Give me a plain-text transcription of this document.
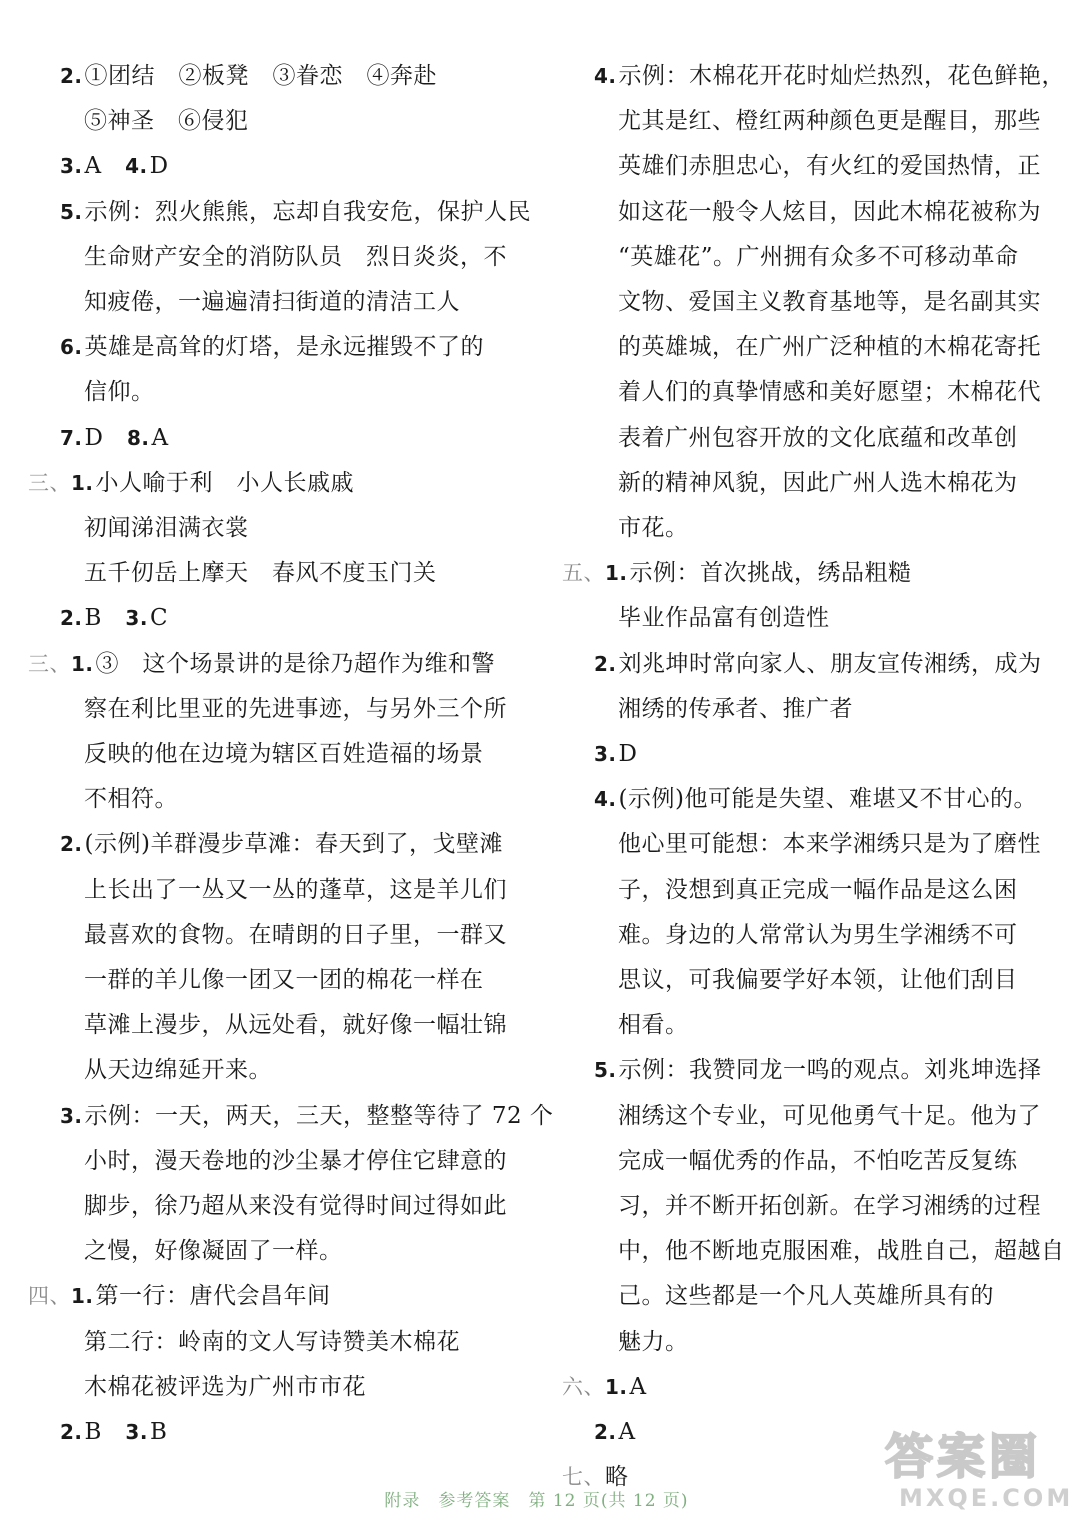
2.①团结　②板凳　③眷恋　④奔赴
⑤神圣　⑥侵犯
3.A　4.D
5.示例：烈火熊熊，忘却自我安危，保护人民
生命财产安全的消防队员　烈日炎炎，不
知疲倦，一遍遍清扫街道的清洁工人
6.英雄是高耸的灯塔，是永远摧毁不了的
信仰。
7.D　8.A
三、1.小人喻于利　小人长戚戚
初闻涕泪满衣裳
五千仞岳上摩天　春风不度玉门关
2.B　3.C
三、1.③　这个场景讲的是徐乃超作为维和警
察在利比里亚的先进事迹，与另外三个所
反映的他在边境为辖区百姓造福的场景
不相符。
2.(示例)羊群漫步草滩：春天到了，戈壁滩
上长出了一丛又一丛的蓬草，这是羊儿们
最喜欢的食物。在晴朗的日子里，一群又
一群的羊儿像一团又一团的棉花一样在
草滩上漫步，从远处看，就好像一幅壮锦
从天边绵延开来。
3.示例：一天，两天，三天，整整等待了 72 个
小时，漫天卷地的沙尘暴才停住它肆意的
脚步，徐乃超从来没有觉得时间过得如此
之慢，好像凝固了一样。
四、1.第一行：唐代会昌年间
第二行：岭南的文人写诗赞美木棉花
木棉花被评选为广州市市花
2.B　3.B
4.示例：木棉花开花时灿烂热烈，花色鲜艳，
尤其是红、橙红两种颜色更是醒目，那些
英雄们赤胆忠心，有火红的爱国热情，正
如这花一般令人炫目，因此木棉花被称为
“英雄花”。广州拥有众多不可移动革命
文物、爱国主义教育基地等，是名副其实
的英雄城，在广州广泛种植的木棉花寄托
着人们的真挚情感和美好愿望；木棉花代
表着广州包容开放的文化底蕴和改革创
新的精神风貌，因此广州人选木棉花为
市花。
五、1.示例：首次挑战，绣品粗糙
毕业作品富有创造性
2.刘兆坤时常向家人、朋友宣传湘绣，成为
湘绣的传承者、推广者
3.D
4.(示例)他可能是失望、难堪又不甘心的。
他心里可能想：本来学湘绣只是为了磨性
子，没想到真正完成一幅作品是这么困
难。身边的人常常认为男生学湘绣不可
思议，可我偏要学好本领，让他们刮目
相看。
5.示例：我赞同龙一鸣的观点。刘兆坤选择
湘绣这个专业，可见他勇气十足。他为了
完成一幅优秀的作品，不怕吃苦反复练
习，并不断开拓创新。在学习湘绣的过程
中，他不断地克服困难，战胜自己，超越自
己。这些都是一个凡人英雄所具有的
魅力。
六、1.A
2.A
七、略
附录　参考答案　第 12 页(共 12 页)
答案圈
MXQE.COM
